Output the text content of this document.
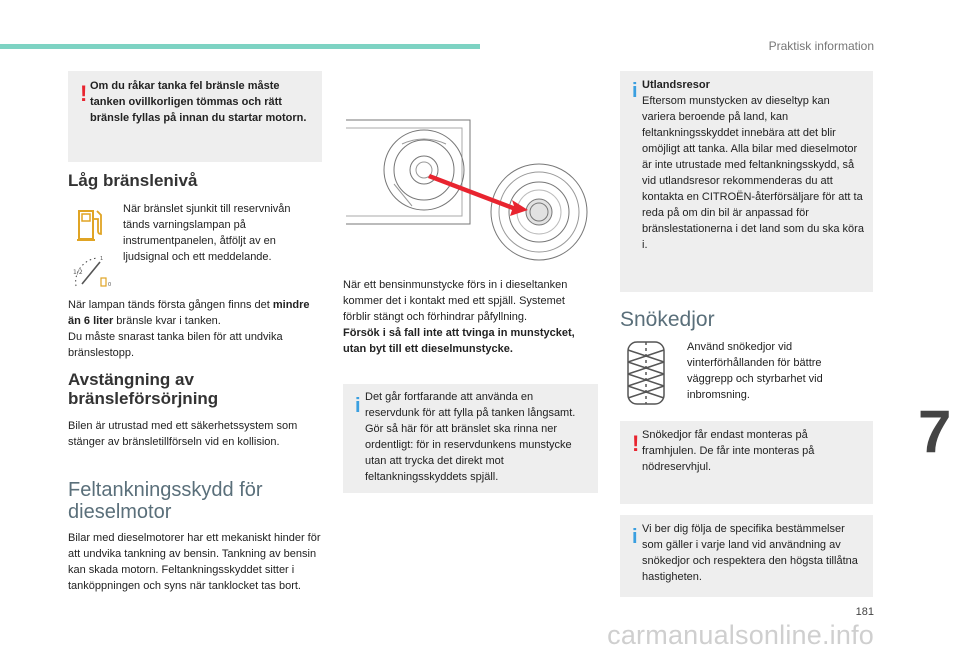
Praktisk information
! Om du råkar tanka fel bränsle måste tanken ovillkorligen tömmas och rätt bränsle fyllas på innan du startar motorn.
Låg bränslenivå
När bränslet sjunkit till reservnivån tänds varningslampan på instrumentpanelen, åtföljt av en ljudsignal och ett meddelande.
1/2
1
0
När lampan tänds första gången finns det mindre än 6 liter bränsle kvar i tanken.
Du måste snarast tanka bilen för att undvika bränslestopp.
Avstängning av
bränsleförsörjning
Bilen är utrustad med ett säkerhetssystem som stänger av bränsletillförseln vid en kollision.
Feltankningsskydd för
dieselmotor
Bilar med dieselmotorer har ett mekaniskt hinder för att undvika tankning av bensin. Tankning av bensin kan skada motorn. Feltankningsskyddet sitter i tanköppningen och syns när tanklocket tas bort.
När ett bensinmunstycke förs in i dieseltanken kommer det i kontakt med ett spjäll. Systemet förblir stängt och förhindrar påfyllning.
Försök i så fall inte att tvinga in munstycket, utan byt till ett dieselmunstycke.
i Det går fortfarande att använda en reservdunk för att fylla på tanken långsamt. Gör så här för att bränslet ska rinna ner ordentligt: för in reservdunkens munstycke utan att trycka det direkt mot feltankningsskyddets spjäll.
i Utlandsresor
Eftersom munstycken av dieseltyp kan variera beroende på land, kan feltankningsskyddet innebära att det blir omöjligt att tanka. Alla bilar med dieselmotor är inte utrustade med feltankningsskydd, så vid utlandsresor rekommenderas du att kontakta en CITROËN-återförsäljare för att ta reda på om din bil är anpassad för bränslestationerna i det land som du ska köra i.
Snökedjor
Använd snökedjor vid vinterförhållanden för bättre väggrepp och styrbarhet vid inbromsning.
! Snökedjor får endast monteras på framhjulen. De får inte monteras på nödreservhjul.
i Vi ber dig följa de specifika bestämmelser som gäller i varje land vid användning av snökedjor och respektera den högsta tillåtna hastigheten.
7
181
carmanualsonline.info
